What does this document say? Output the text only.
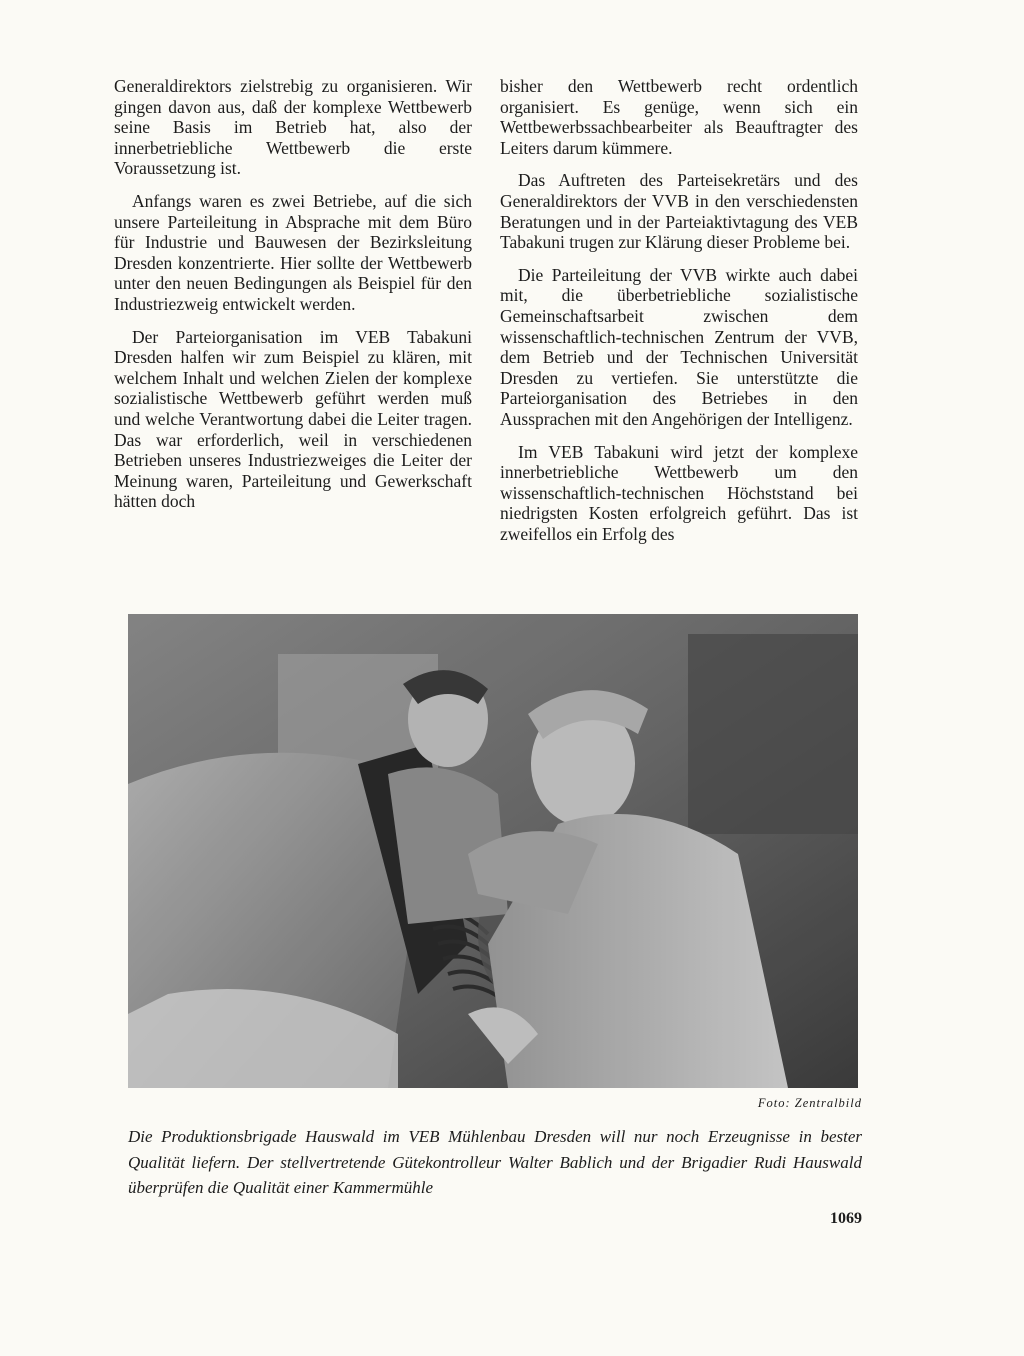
Generaldirektors zielstrebig zu organisieren. Wir gingen davon aus, daß der komplexe Wettbewerb seine Basis im Betrieb hat, also der innerbetriebliche Wettbewerb die erste Voraussetzung ist.

Anfangs waren es zwei Betriebe, auf die sich unsere Parteileitung in Absprache mit dem Büro für Industrie und Bauwesen der Bezirksleitung Dresden konzentrierte. Hier sollte der Wettbewerb unter den neuen Bedingungen als Beispiel für den Industriezweig entwickelt werden.

Der Parteiorganisation im VEB Tabakuni Dresden halfen wir zum Beispiel zu klären, mit welchem Inhalt und welchen Zielen der komplexe sozialistische Wettbewerb geführt werden muß und welche Verantwortung dabei die Leiter tragen. Das war erforderlich, weil in verschiedenen Betrieben unseres Industriezweiges die Leiter der Meinung waren, Parteileitung und Gewerkschaft hätten doch

bisher den Wettbewerb recht ordentlich organisiert. Es genüge, wenn sich ein Wettbewerbssachbearbeiter als Beauftragter des Leiters darum kümmere.

Das Auftreten des Parteisekretärs und des Generaldirektors der VVB in den verschiedensten Beratungen und in der Parteiaktivtagung des VEB Tabakuni trugen zur Klärung dieser Probleme bei.

Die Parteileitung der VVB wirkte auch dabei mit, die überbetriebliche sozialistische Gemeinschaftsarbeit zwischen dem wissenschaftlich-technischen Zentrum der VVB, dem Betrieb und der Technischen Universität Dresden zu vertiefen. Sie unterstützte die Parteiorganisation des Betriebes in den Aussprachen mit den Angehörigen der Intelligenz.

Im VEB Tabakuni wird jetzt der komplexe innerbetriebliche Wettbewerb um den wissenschaftlich-technischen Höchststand bei niedrigsten Kosten erfolgreich geführt. Das ist zweifellos ein Erfolg des

Foto: Zentralbild
Die Produktionsbrigade Hauswald im VEB Mühlenbau Dresden will nur noch Erzeugnisse in bester Qualität liefern. Der stellvertretende Gütekontrolleur Walter Bablich und der Brigadier Rudi Hauswald überprüfen die Qualität einer Kammermühle
1069
